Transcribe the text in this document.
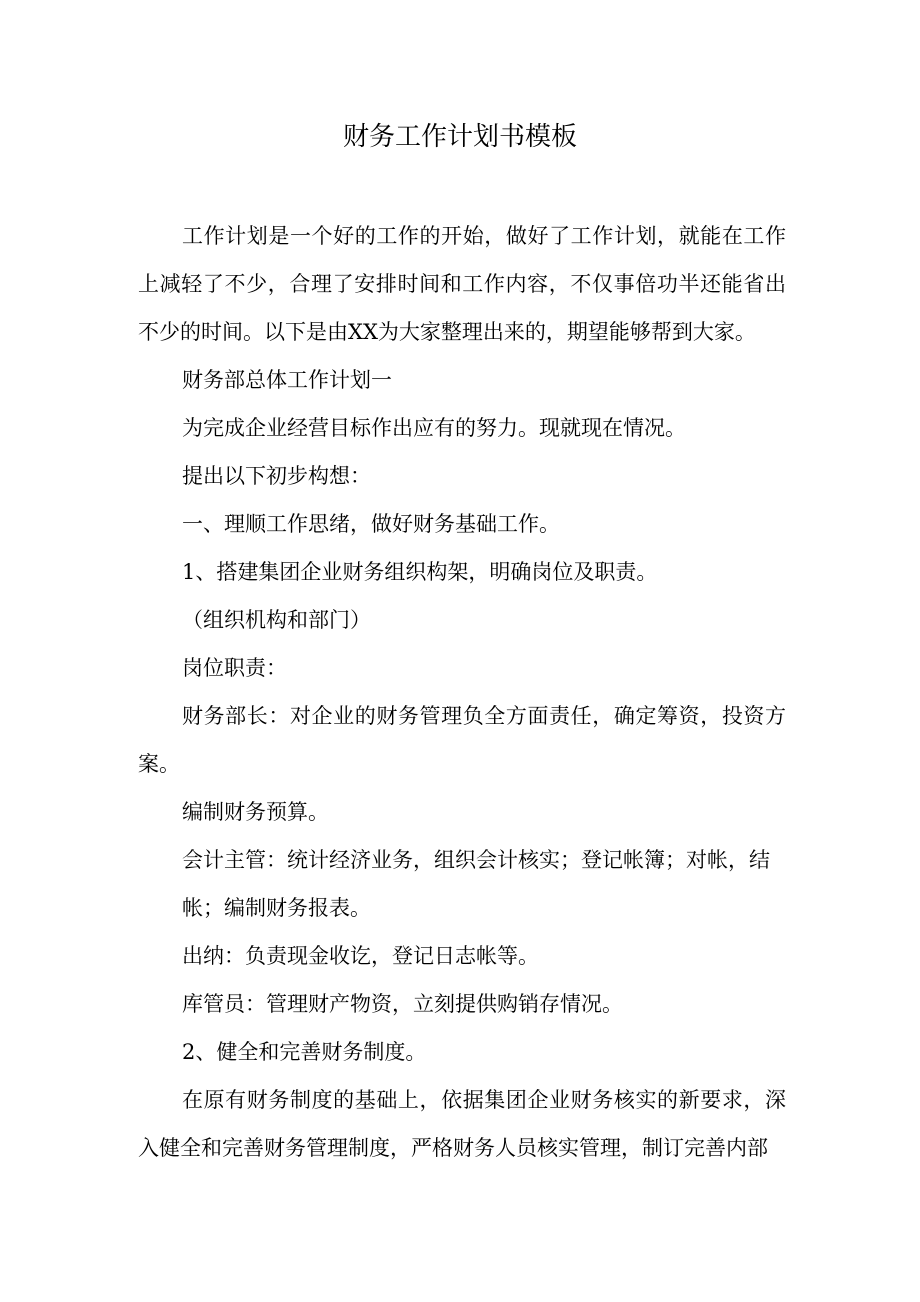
财务工作计划书模板

工作计划是一个好的工作的开始，做好了工作计划，就能在工作上减轻了不少，合理了安排时间和工作内容，不仅事倍功半还能省出不少的时间。以下是由XX为大家整理出来的，期望能够帮到大家。

财务部总体工作计划一

为完成企业经营目标作出应有的努力。现就现在情况。

提出以下初步构想：

一、理顺工作思绪，做好财务基础工作。

1、搭建集团企业财务组织构架，明确岗位及职责。

（组织机构和部门）

岗位职责：

财务部长：对企业的财务管理负全方面责任，确定筹资，投资方案。

编制财务预算。

会计主管：统计经济业务，组织会计核实；登记帐簿；对帐，结

帐；编制财务报表。

出纳：负责现金收讫，登记日志帐等。

库管员：管理财产物资，立刻提供购销存情况。

2、健全和完善财务制度。

在原有财务制度的基础上，依据集团企业财务核实的新要求，深入健全和完善财务管理制度，严格财务人员核实管理，制订完善内部
